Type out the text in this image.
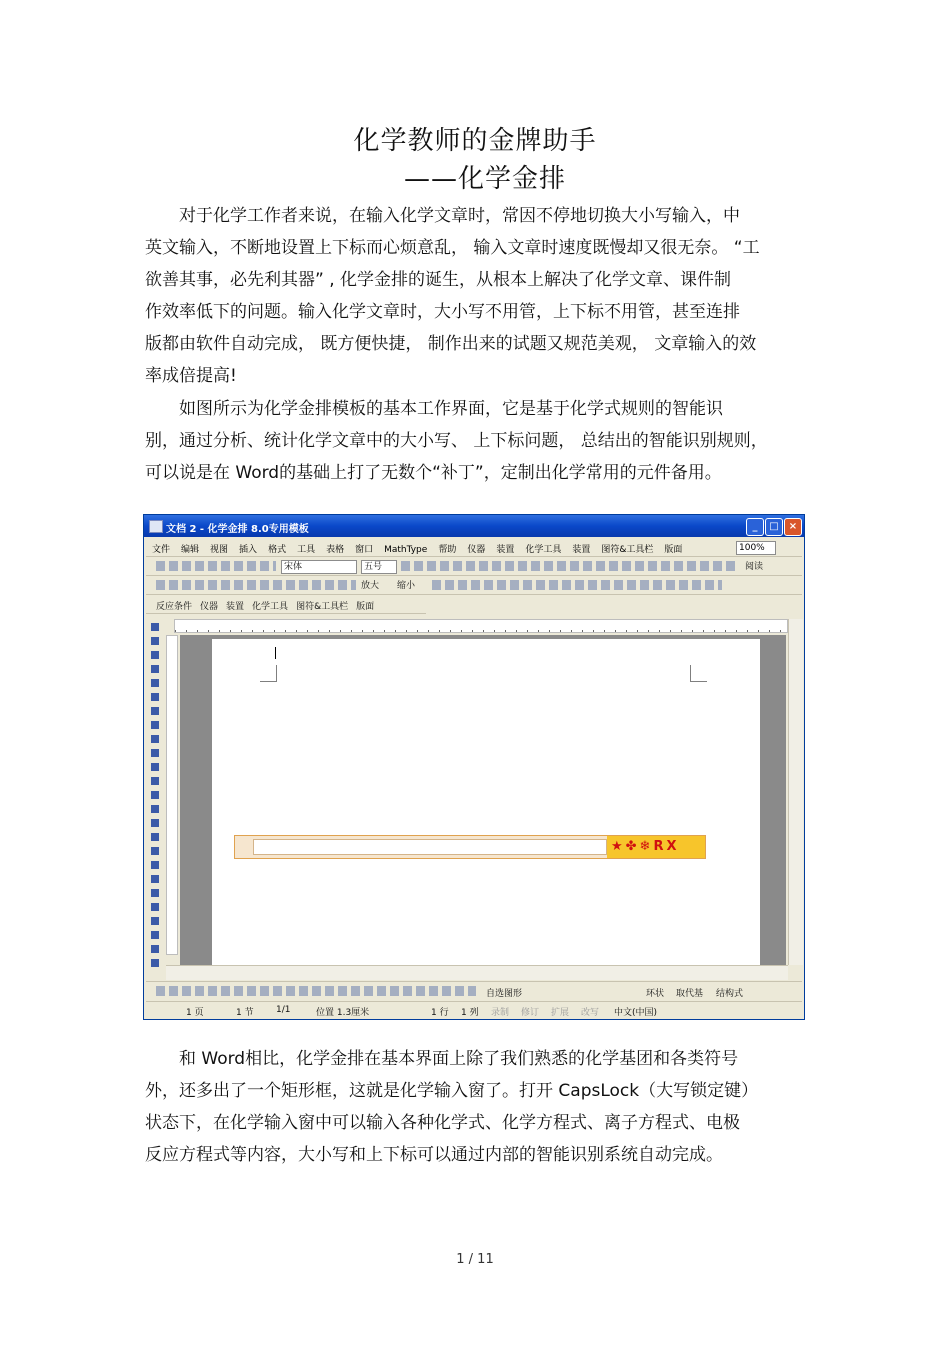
化学教师的金牌助手
——化学金排
对于化学工作者来说，在输入化学文章时，常因不停地切换大小写输入，中
英文输入，不断地设置上下标而心烦意乱， 输入文章时速度既慢却又很无奈。 “工
欲善其事，必先利其器” , 化学金排的诞生，从根本上解决了化学文章、课件制
作效率低下的问题。输入化学文章时，大小写不用管，上下标不用管，甚至连排
版都由软件自动完成， 既方便快捷， 制作出来的试题又规范美观， 文章输入的效
率成倍提高!
如图所示为化学金排模板的基本工作界面，它是基于化学式规则的智能识
别，通过分析、统计化学文章中的大小写、 上下标问题， 总结出的智能识别规则，
可以说是在 Word的基础上打了无数个“补丁”，定制出化学常用的元件备用。
文档 2 - 化学金排 8.0专用模板	_	□	×
文件 编辑 视图 插入 格式 工具 表格 窗口 MathType 帮助 仪器 装置 化学工具 装置 图符&工具栏 版面	100%
宋体	五号	阅读
放大	缩小
反应条件 仪器 装置 化学工具 图符&工具栏 版面
★✤❄RX
自选图形	环状 取代基 结构式
1 页	1 节 1/1	位置 1.3厘米	1 行 1 列 录制 修订 扩展 改写 中文(中国)
和 Word相比，化学金排在基本界面上除了我们熟悉的化学基团和各类符号
外，还多出了一个矩形框，这就是化学输入窗了。打开 CapsLock（大写锁定键）
状态下，在化学输入窗中可以输入各种化学式、化学方程式、离子方程式、电极
反应方程式等内容，大小写和上下标可以通过内部的智能识别系统自动完成。
1 / 11
